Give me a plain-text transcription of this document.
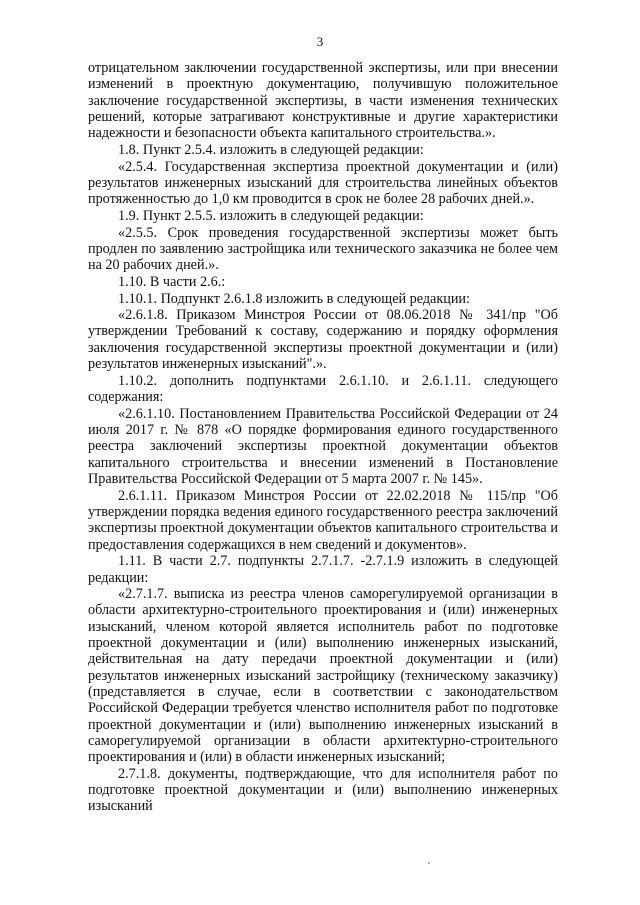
3

отрицательном заключении государственной экспертизы, или при внесении изменений в проектную документацию, получившую положительное заключение государственной экспертизы, в части изменения технических решений, которые затрагивают конструктивные и другие характеристики надежности и безопасности объекта капитального строительства.».

1.8. Пункт 2.5.4. изложить в следующей редакции:

«2.5.4. Государственная экспертиза проектной документации и (или) результатов инженерных изысканий для строительства линейных объектов протяженностью до 1,0 км проводится в срок не более 28 рабочих дней.».

1.9. Пункт 2.5.5. изложить в следующей редакции:

«2.5.5. Срок проведения государственной экспертизы может быть продлен по заявлению застройщика или технического заказчика не более чем на 20 рабочих дней.».

1.10. В части 2.6.:

1.10.1. Подпункт 2.6.1.8 изложить в следующей редакции:

«2.6.1.8. Приказом Минстроя России от 08.06.2018 № 341/пр "Об утверждении Требований к составу, содержанию и порядку оформления заключения государственной экспертизы проектной документации и (или) результатов инженерных изысканий".».

1.10.2. дополнить подпунктами 2.6.1.10. и 2.6.1.11. следующего содержания:

«2.6.1.10. Постановлением Правительства Российской Федерации от 24 июля 2017 г. № 878 «О порядке формирования единого государственного реестра заключений экспертизы проектной документации объектов капитального строительства и внесении изменений в Постановление Правительства Российской Федерации от 5 марта 2007 г. № 145».

2.6.1.11. Приказом Минстроя России от 22.02.2018 № 115/пр "Об утверждении порядка ведения единого государственного реестра заключений экспертизы проектной документации объектов капитального строительства и предоставления содержащихся в нем сведений и документов».

1.11. В части 2.7. подпункты 2.7.1.7. -2.7.1.9 изложить в следующей редакции:

«2.7.1.7. выписка из реестра членов саморегулируемой организации в области архитектурно-строительного проектирования и (или) инженерных изысканий, членом которой является исполнитель работ по подготовке проектной документации и (или) выполнению инженерных изысканий, действительная на дату передачи проектной документации и (или) результатов инженерных изысканий застройщику (техническому заказчику) (представляется в случае, если в соответствии с законодательством Российской Федерации требуется членство исполнителя работ по подготовке проектной документации и (или) выполнению инженерных изысканий в саморегулируемой организации в области архитектурно-строительного проектирования и (или) в области инженерных изысканий;

2.7.1.8. документы, подтверждающие, что для исполнителя работ по подготовке проектной документации и (или) выполнению инженерных изысканий
